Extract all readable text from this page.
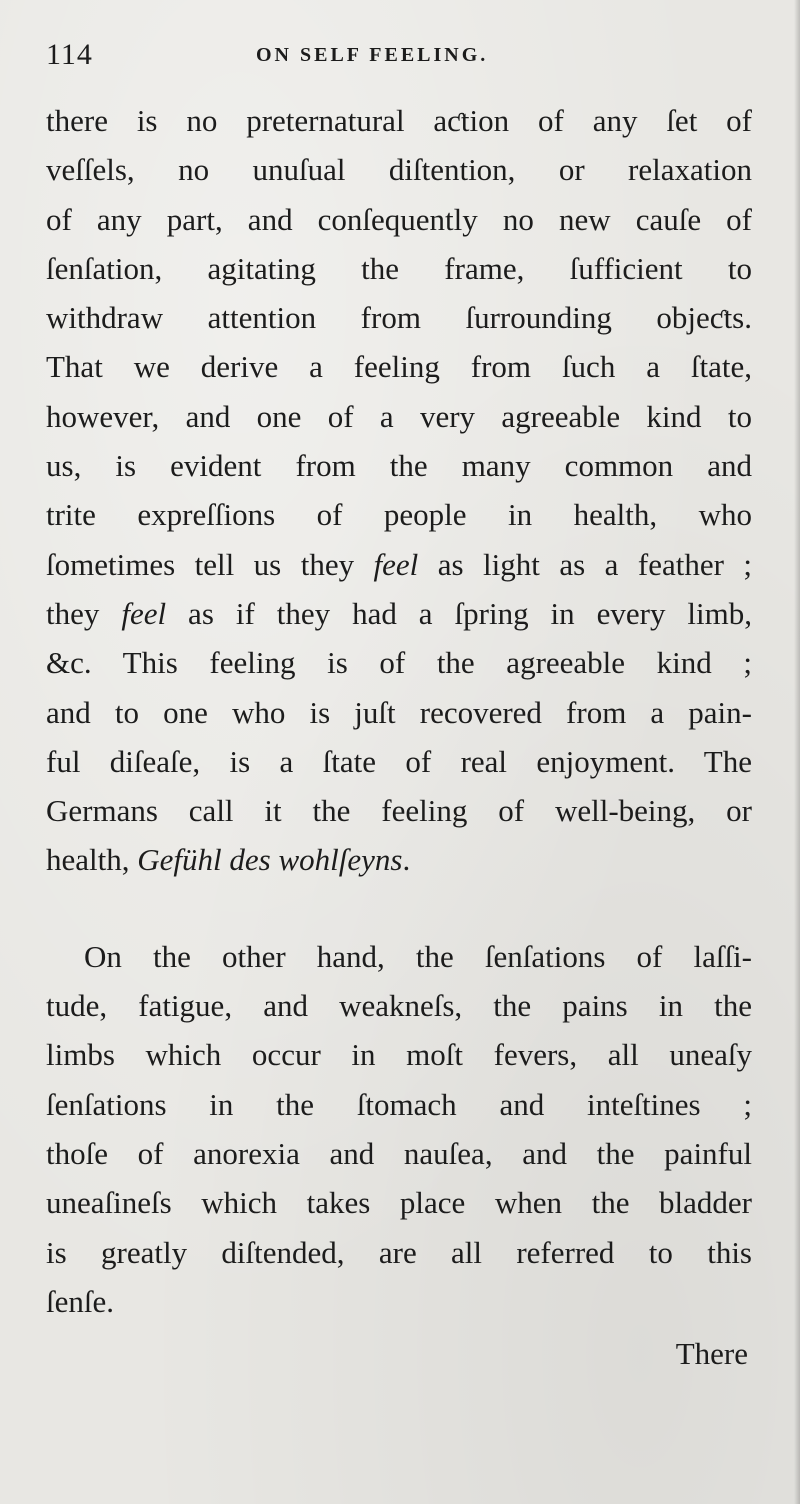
114	ON SELF FEELING.
there is no preternatural aƈtion of any ſet of
veſſels, no unuſual diſtention, or relaxation
of any part, and conſequently no new cauſe of
ſenſation, agitating the frame, ſufficient to
withdraw attention from ſurrounding objeƈts.
That we derive a feeling from ſuch a ſtate,
however, and one of a very agreeable kind to
us, is evident from the many common and
trite expreſſions of people in health, who
ſometimes tell us they feel as light as a feather ;
they feel as if they had a ſpring in every limb,
&c. This feeling is of the agreeable kind ;
and to one who is juſt recovered from a pain-
ful diſeaſe, is a ſtate of real enjoyment. The
Germans call it the feeling of well-being, or
health, Gefühl des wohlſeyns.
On the other hand, the ſenſations of laſſi-
tude, fatigue, and weakneſs, the pains in the
limbs which occur in moſt fevers, all uneaſy
ſenſations in the ſtomach and inteſtines ;
thoſe of anorexia and nauſea, and the painful
uneaſineſs which takes place when the bladder
is greatly diſtended, are all referred to this
ſenſe.
There
